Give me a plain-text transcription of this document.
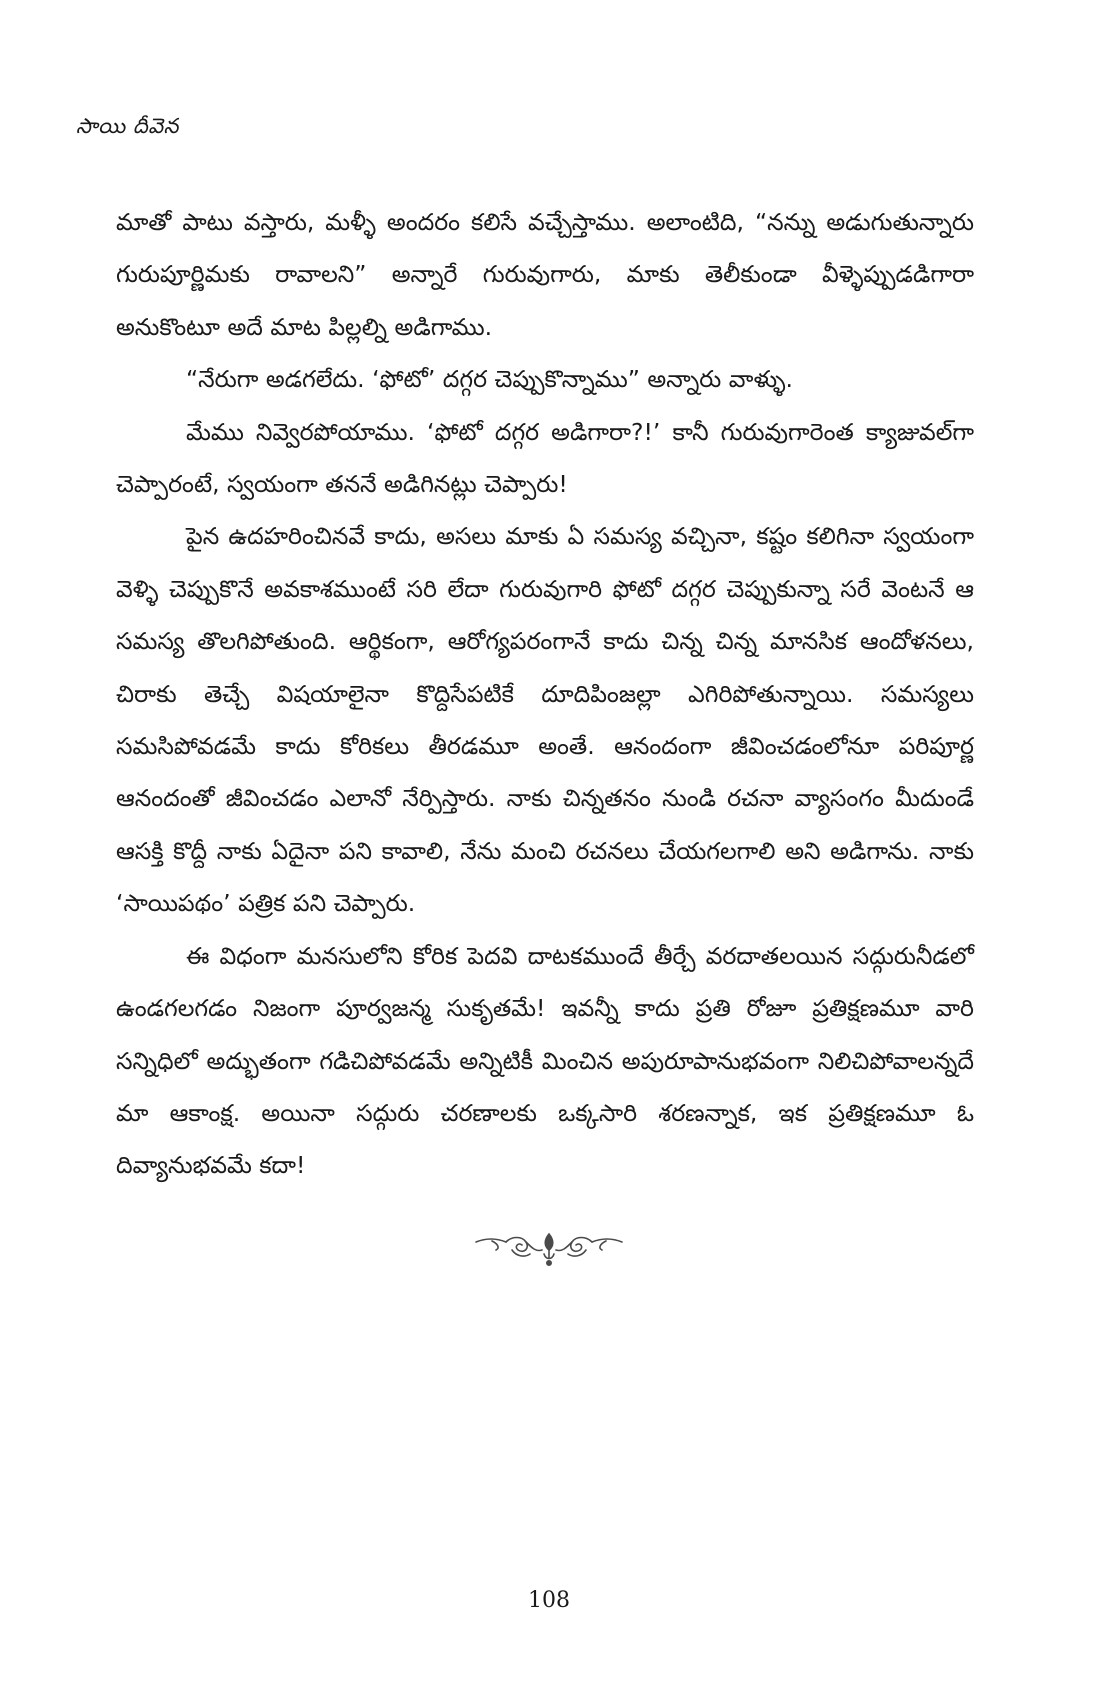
సాయి దీవెన

మాతో పాటు వస్తారు, మళ్ళీ అందరం కలిసే వచ్చేస్తాము. అలాంటిది, “నన్ను అడుగుతున్నారు గురుపూర్ణిమకు రావాలని” అన్నారే గురువుగారు, మాకు తెలీకుండా వీళ్ళెప్పుడడిగారా అనుకొంటూ అదే మాట పిల్లల్ని అడిగాము.

“నేరుగా అడగలేదు. ‘ఫోటో’ దగ్గర చెప్పుకొన్నాము” అన్నారు వాళ్ళు.

మేము నివ్వెరపోయాము. ‘ఫోటో దగ్గర అడిగారా?!’ కానీ గురువుగారెంత క్యాజువల్‌గా చెప్పారంటే, స్వయంగా తననే అడిగినట్లు చెప్పారు!

పైన ఉదహరించినవే కాదు, అసలు మాకు ఏ సమస్య వచ్చినా, కష్టం కలిగినా స్వయంగా వెళ్ళి చెప్పుకొనే అవకాశముంటే సరి లేదా గురువుగారి ఫోటో దగ్గర చెప్పుకున్నా సరే వెంటనే ఆ సమస్య తొలగిపోతుంది. ఆర్థికంగా, ఆరోగ్యపరంగానే కాదు చిన్న చిన్న మానసిక ఆందోళనలు, చిరాకు తెచ్చే విషయాలైనా కొద్దిసేపటికే దూదిపింజల్లా ఎగిరిపోతున్నాయి. సమస్యలు సమసిపోవడమే కాదు కోరికలు తీరడమూ అంతే. ఆనందంగా జీవించడంలోనూ పరిపూర్ణ ఆనందంతో జీవించడం ఎలానో నేర్పిస్తారు. నాకు చిన్నతనం నుండి రచనా వ్యాసంగం మీదుండే ఆసక్తి కొద్దీ నాకు ఏదైనా పని కావాలి, నేను మంచి రచనలు చేయగలగాలి అని అడిగాను. నాకు ‘సాయిపథం’ పత్రిక పని చెప్పారు.

ఈ విధంగా మనసులోని కోరిక పెదవి దాటకముందే తీర్చే వరదాతలయిన సద్గురునీడలో ఉండగలగడం నిజంగా పూర్వజన్మ సుకృతమే! ఇవన్నీ కాదు ప్రతి రోజూ ప్రతిక్షణమూ వారి సన్నిధిలో అద్భుతంగా గడిచిపోవడమే అన్నిటికీ మించిన అపురూపానుభవంగా నిలిచిపోవాలన్నదే మా ఆకాంక్ష. అయినా సద్గురు చరణాలకు ఒక్కసారి శరణన్నాక, ఇక ప్రతిక్షణమూ ఓ దివ్యానుభవమే కదా!

108
